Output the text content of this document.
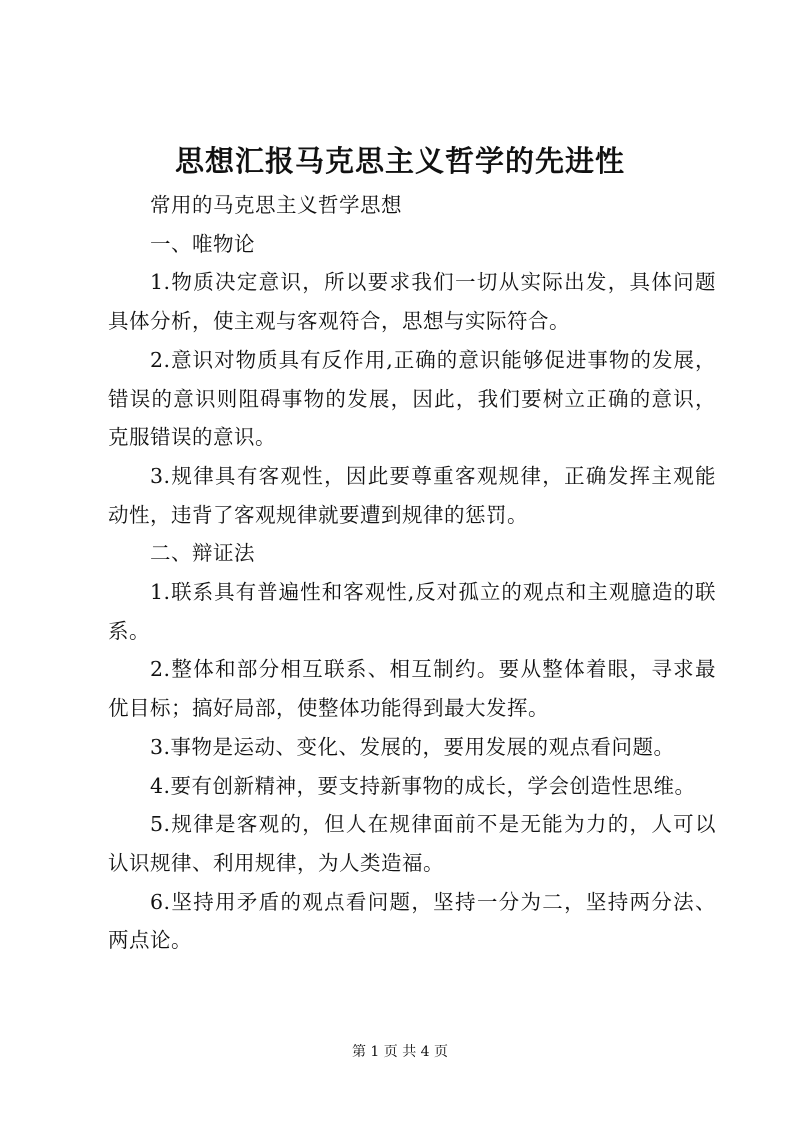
思想汇报马克思主义哲学的先进性

常用的马克思主义哲学思想

一、唯物论

1.物质决定意识，所以要求我们一切从实际出发，具体问题具体分析，使主观与客观符合，思想与实际符合。

2.意识对物质具有反作用,正确的意识能够促进事物的发展，错误的意识则阻碍事物的发展，因此，我们要树立正确的意识，克服错误的意识。

3.规律具有客观性，因此要尊重客观规律，正确发挥主观能动性，违背了客观规律就要遭到规律的惩罚。

二、辩证法

1.联系具有普遍性和客观性,反对孤立的观点和主观臆造的联系。

2.整体和部分相互联系、相互制约。要从整体着眼，寻求最优目标；搞好局部，使整体功能得到最大发挥。

3.事物是运动、变化、发展的，要用发展的观点看问题。

4.要有创新精神，要支持新事物的成长，学会创造性思维。

5.规律是客观的，但人在规律面前不是无能为力的，人可以认识规律、利用规律，为人类造福。

6.坚持用矛盾的观点看问题，坚持一分为二，坚持两分法、两点论。

第 1 页 共 4 页
